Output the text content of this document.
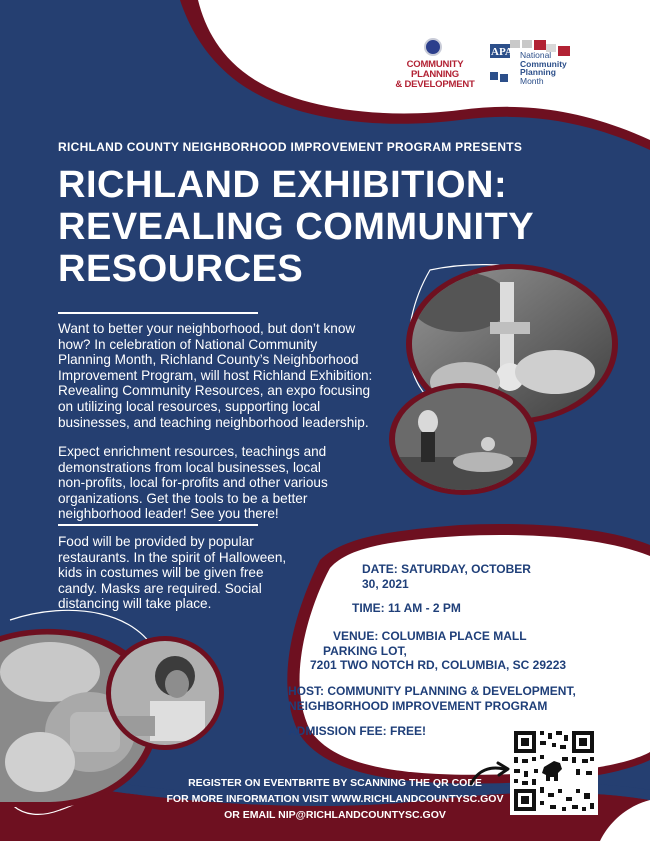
COMMUNITY PLANNING
& DEVELOPMENT
APA National
Community
Planning
Month
RICHLAND COUNTY NEIGHBORHOOD IMPROVEMENT PROGRAM PRESENTS
RICHLAND EXHIBITION:
REVEALING COMMUNITY
RESOURCES
Want to better your neighborhood, but don’t know
how? In celebration of National Community
Planning Month, Richland County’s Neighborhood
Improvement Program, will host Richland Exhibition:
Revealing Community Resources, an expo focusing
on utilizing local resources, supporting local
businesses, and teaching neighborhood leadership.
Expect enrichment resources, teachings and
demonstrations from local businesses, local
non-profits, local for-profits and other various
organizations. Get the tools to be a better
neighborhood leader! See you there!
Food will be provided by popular
restaurants. In the spirit of Halloween,
kids in costumes will be given free
candy. Masks are required. Social
distancing will take place.
DATE: SATURDAY, OCTOBER
30, 2021
TIME: 11 AM - 2 PM
VENUE: COLUMBIA PLACE MALL
PARKING LOT,
7201 TWO NOTCH RD, COLUMBIA, SC 29223
HOST: COMMUNITY PLANNING & DEVELOPMENT,
NEIGHBORHOOD IMPROVEMENT PROGRAM
ADMISSION FEE: FREE!
REGISTER ON EVENTBRITE BY SCANNING THE QR CODE
FOR MORE INFORMATION VISIT WWW.RICHLANDCOUNTYSC.GOV
OR EMAIL NIP@RICHLANDCOUNTYSC.GOV
